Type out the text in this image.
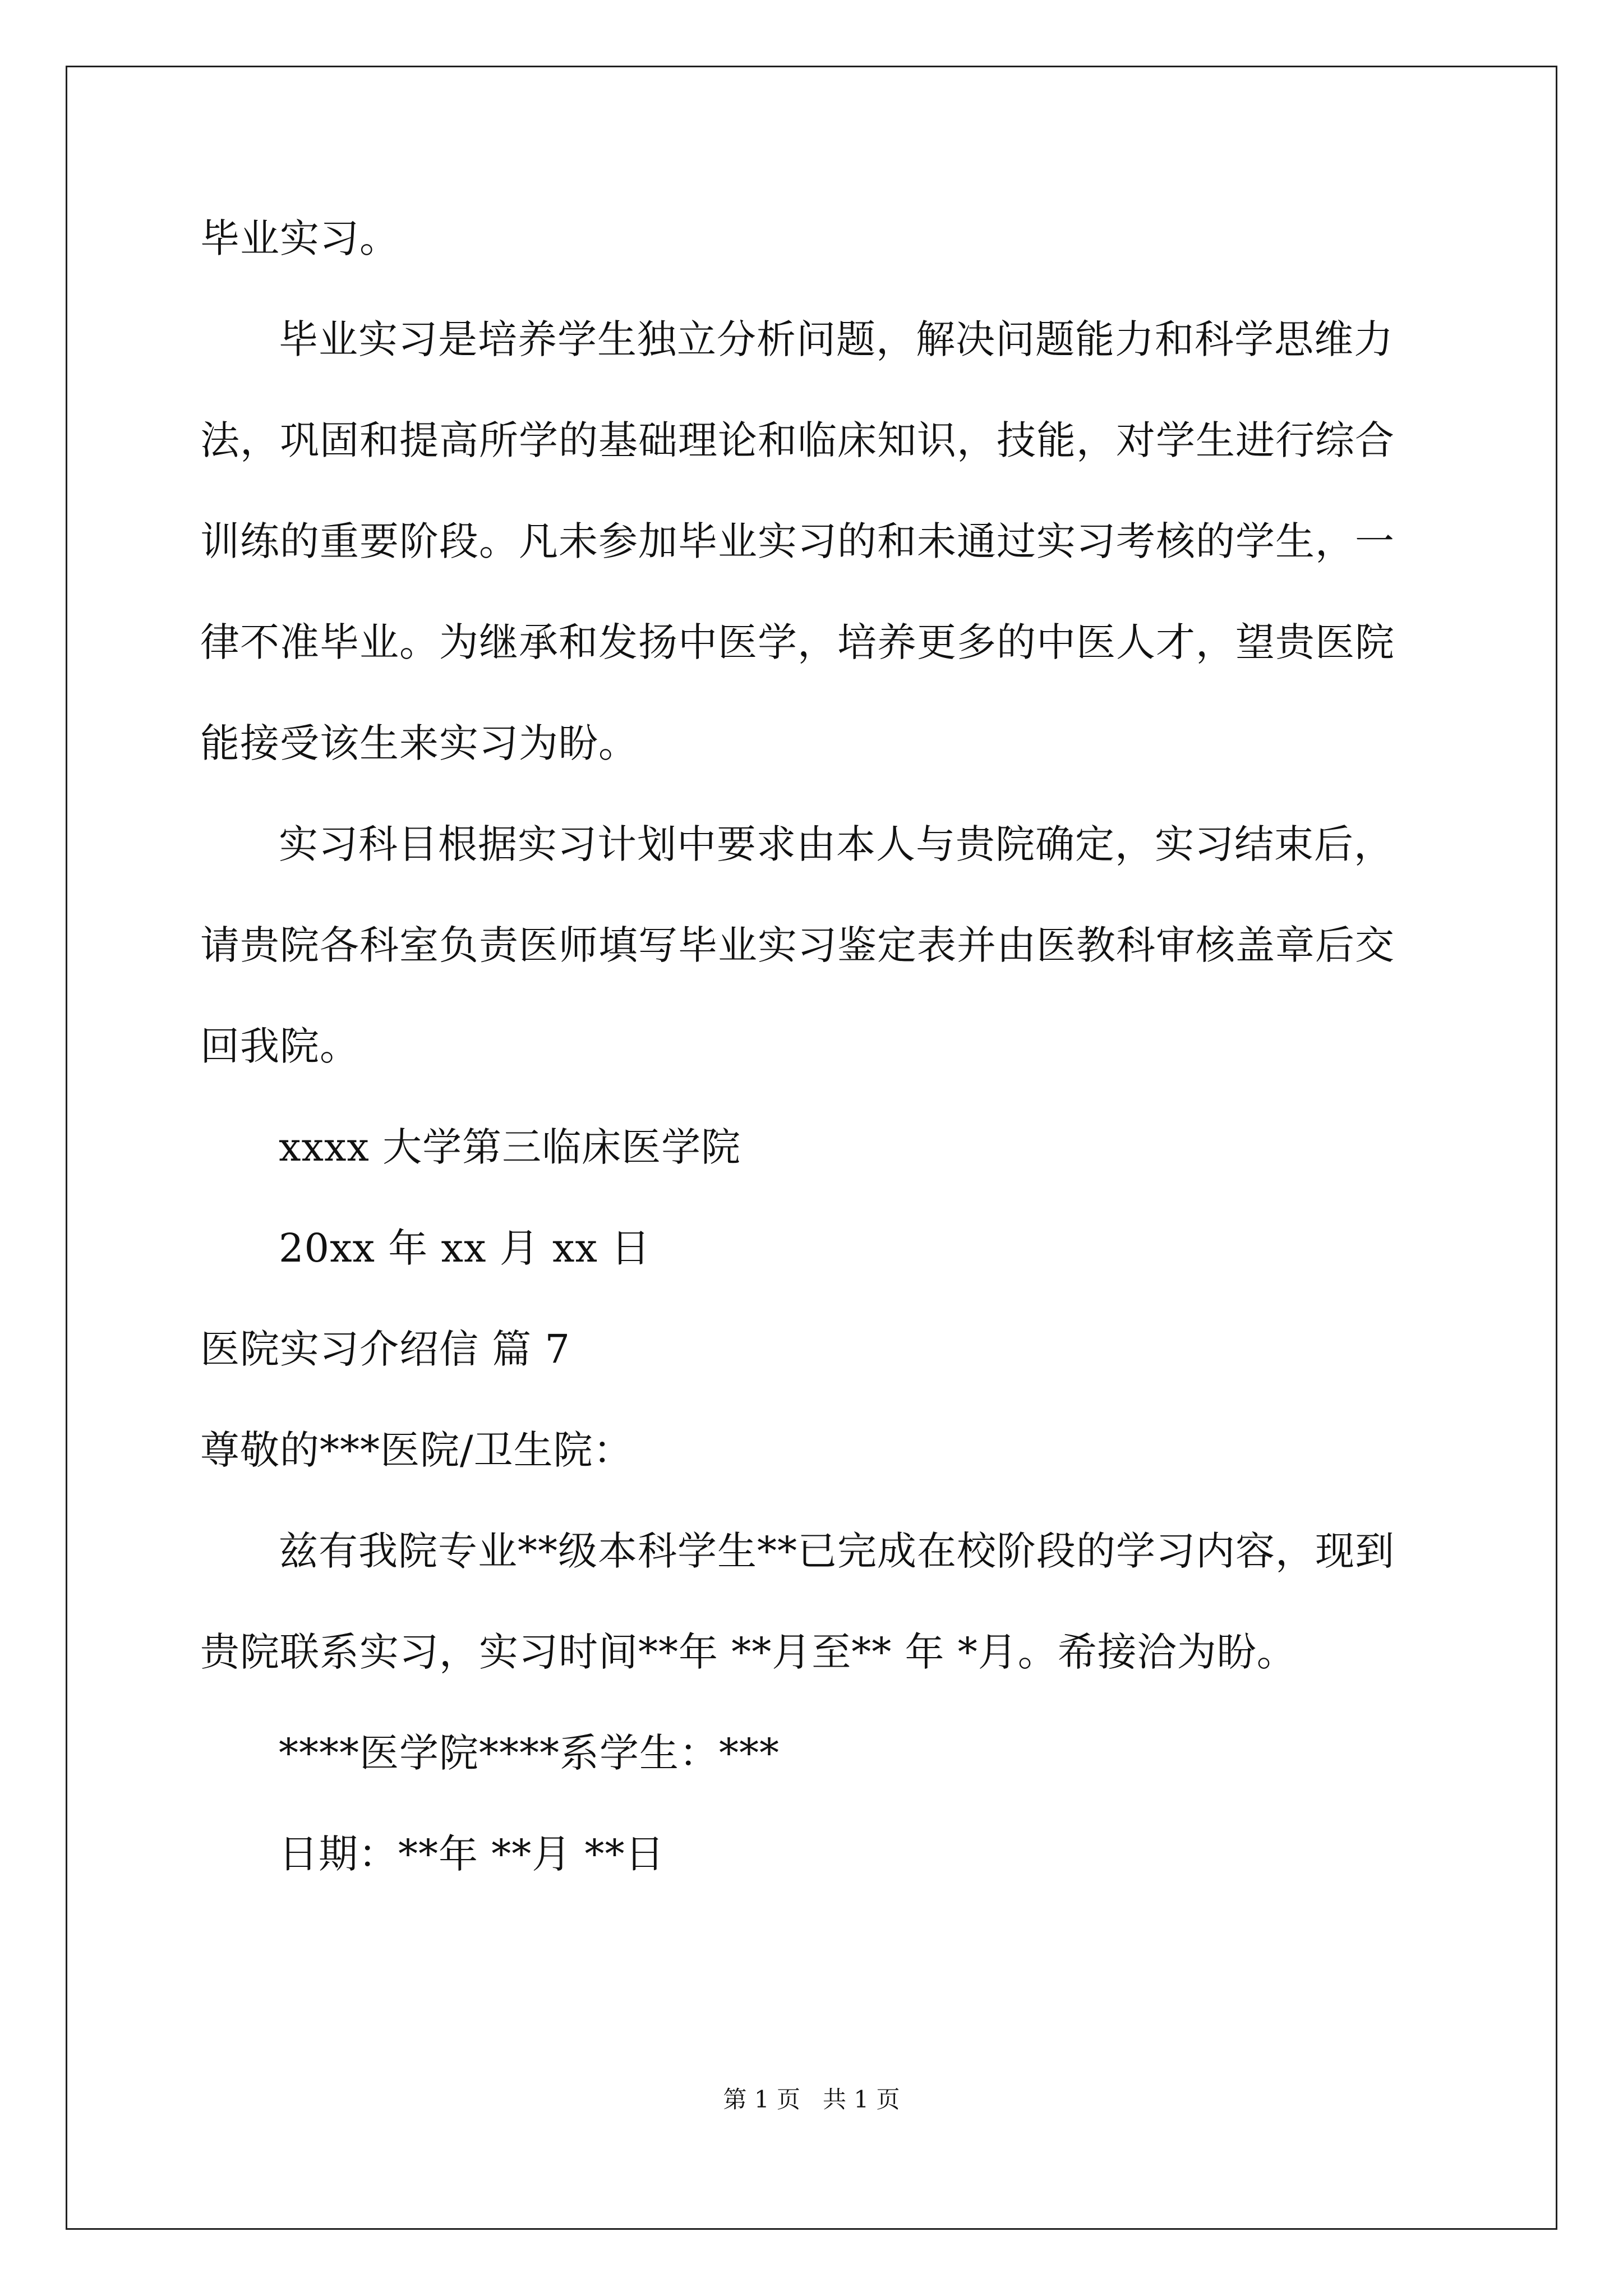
毕业实习。
毕业实习是培养学生独立分析问题，解决问题能力和科学思维力
法，巩固和提高所学的基础理论和临床知识，技能，对学生进行综合
训练的重要阶段。凡未参加毕业实习的和未通过实习考核的学生，一
律不准毕业。为继承和发扬中医学，培养更多的中医人才，望贵医院
能接受该生来实习为盼。
实习科目根据实习计划中要求由本人与贵院确定，实习结束后，
请贵院各科室负责医师填写毕业实习鉴定表并由医教科审核盖章后交
回我院。
xxxx 大学第三临床医学院
20xx 年 xx 月 xx 日
医院实习介绍信 篇 7
尊敬的***医院/卫生院：
兹有我院专业**级本科学生**已完成在校阶段的学习内容，现到
贵院联系实习，实习时间**年 **月至** 年 *月。希接洽为盼。
****医学院****系学生：***
日期：**年 **月 **日
第 1 页   共 1 页
